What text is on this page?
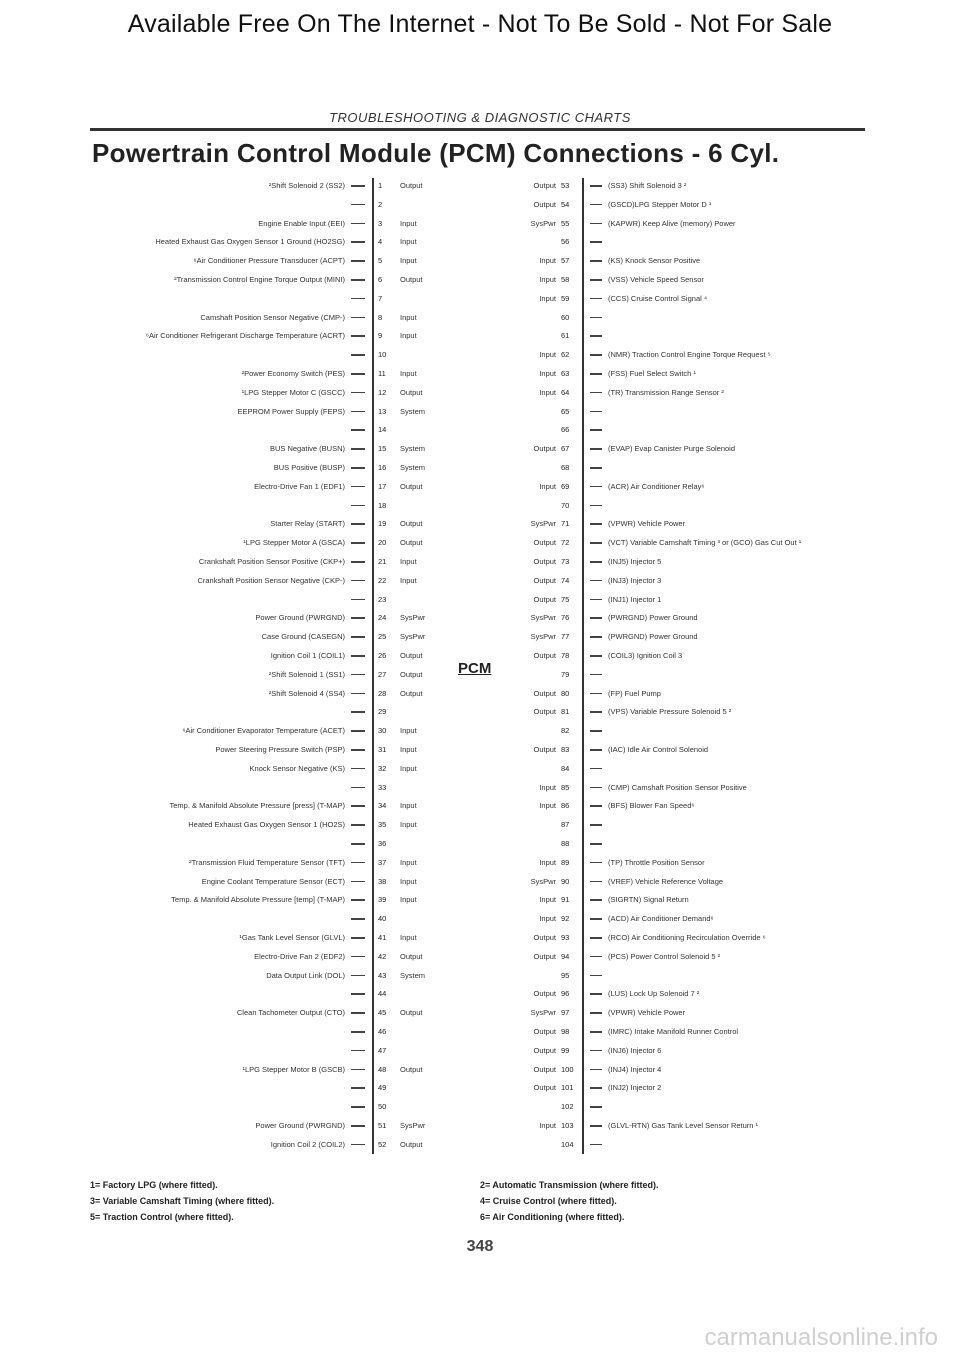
Available Free On The Internet - Not To Be Sold - Not For Sale
TROUBLESHOOTING & DIAGNOSTIC CHARTS
Powertrain Control Module (PCM) Connections - 6 Cyl.
PCM
²Shift Solenoid 2 (SS2)	1	Output
2
Engine Enable Input (EEI)	3	Input
Heated Exhaust Gas Oxygen Sensor 1 Ground (HO2SG)	4	Input
⁶Air Conditioner Pressure Transducer (ACPT)	5	Input
²Transmission Control Engine Torque Output (MINI)	6	Output
7
Camshaft Position Sensor Negative (CMP-)	8	Input
⁶Air Conditioner Refrigerant Discharge Temperature (ACRT)	9	Input
10
²Power Economy Switch (PES)	11	Input
¹LPG Stepper Motor C (GSCC)	12	Output
EEPROM Power Supply (FEPS)	13	System
14
BUS Negative (BUSN)	15	System
BUS Positive (BUSP)	16	System
Electro-Drive Fan 1 (EDF1)	17	Output
18
Starter Relay (START)	19	Output
¹LPG Stepper Motor A (GSCA)	20	Output
Crankshaft Position Sensor Positive (CKP+)	21	Input
Crankshaft Position Sensor Negative (CKP-)	22	Input
23
Power Ground (PWRGND)	24	SysPwr
Case Ground (CASEGN)	25	SysPwr
Ignition Coil 1 (COIL1)	26	Output
²Shift Solenoid 1 (SS1)	27	Output
²Shift Solenoid 4 (SS4)	28	Output
29
⁶Air Conditioner Evaporator Temperature (ACET)	30	Input
Power Steering Pressure Switch (PSP)	31	Input
Knock Sensor Negative (KS)	32	Input
33
Temp. & Manifold Absolute Pressure [press] (T-MAP)	34	Input
Heated Exhaust Gas Oxygen Sensor 1 (HO2S)	35	Input
36
²Transmission Fluid Temperature Sensor (TFT)	37	Input
Engine Coolant Temperature Sensor (ECT)	38	Input
Temp. & Manifold Absolute Pressure [temp] (T-MAP)	39	Input
40
¹Gas Tank Level Sensor (GLVL)	41	Input
Electro-Drive Fan 2 (EDF2)	42	Output
Data Output Link (DOL)	43	System
44
Clean Tachometer Output (CTO)	45	Output
46
47
¹LPG Stepper Motor B (GSCB)	48	Output
49
50
Power Ground (PWRGND)	51	SysPwr
Ignition Coil 2 (COIL2)	52	Output
Output 53	(SS3) Shift Solenoid 3 ²
Output 54	(GSCD)LPG Stepper Motor D ¹
SysPwr 55	(KAPWR) Keep Alive (memory) Power
56
Input 57	(KS) Knock Sensor Positive
Input 58	(VSS) Vehicle Speed Sensor
Input 59	(CCS) Cruise Control Signal ⁴
60
61
Input 62	(NMR) Traction Control Engine Torque Request ⁵
Input 63	(FSS) Fuel Select Switch ¹
Input 64	(TR) Transmission Range Sensor ²
65
66
Output 67	(EVAP) Evap Canister Purge Solenoid
68
Input 69	(ACR) Air Conditioner Relay⁶
70
SysPwr 71	(VPWR) Vehicle Power
Output 72	(VCT) Variable Camshaft Timing ³ or (GCO) Gas Cut Out ¹
Output 73	(INJ5) Injector 5
Output 74	(INJ3) Injector 3
Output 75	(INJ1) Injector 1
SysPwr 76	(PWRGND) Power Ground
SysPwr 77	(PWRGND) Power Ground
Output 78	(COIL3) Ignition Coil 3
79
Output 80	(FP) Fuel Pump
Output 81	(VPS) Variable Pressure Solenoid 5 ²
82
Output 83	(IAC) Idle Air Control Solenoid
84
Input 85	(CMP) Camshaft Position Sensor Positive
Input 86	(BFS) Blower Fan Speed⁶
87
88
Input 89	(TP) Throttle Position Sensor
SysPwr 90	(VREF) Vehicle Reference Voltage
Input 91	(SIGRTN) Signal Return
Input 92	(ACD) Air Conditioner Demand⁶
Output 93	(RCO) Air Conditioning Recirculation Override ⁶
Output 94	(PCS) Power Control Solenoid 5 ²
95
Output 96	(LUS) Lock Up Solenoid 7 ²
SysPwr 97	(VPWR) Vehicle Power
Output 98	(IMRC) Intake Manifold Runner Control
Output 99	(INJ6) Injector 6
Output 100	(INJ4) Injector 4
Output 101	(INJ2) Injector 2
102
Input 103	(GLVL-RTN) Gas Tank Level Sensor Return ¹
104
1= Factory LPG (where fitted).	2= Automatic Transmission (where fitted).
3= Variable Camshaft Timing (where fitted).	4= Cruise Control (where fitted).
5= Traction Control (where fitted).	6= Air Conditioning (where fitted).
348
carmanualsonline.info
